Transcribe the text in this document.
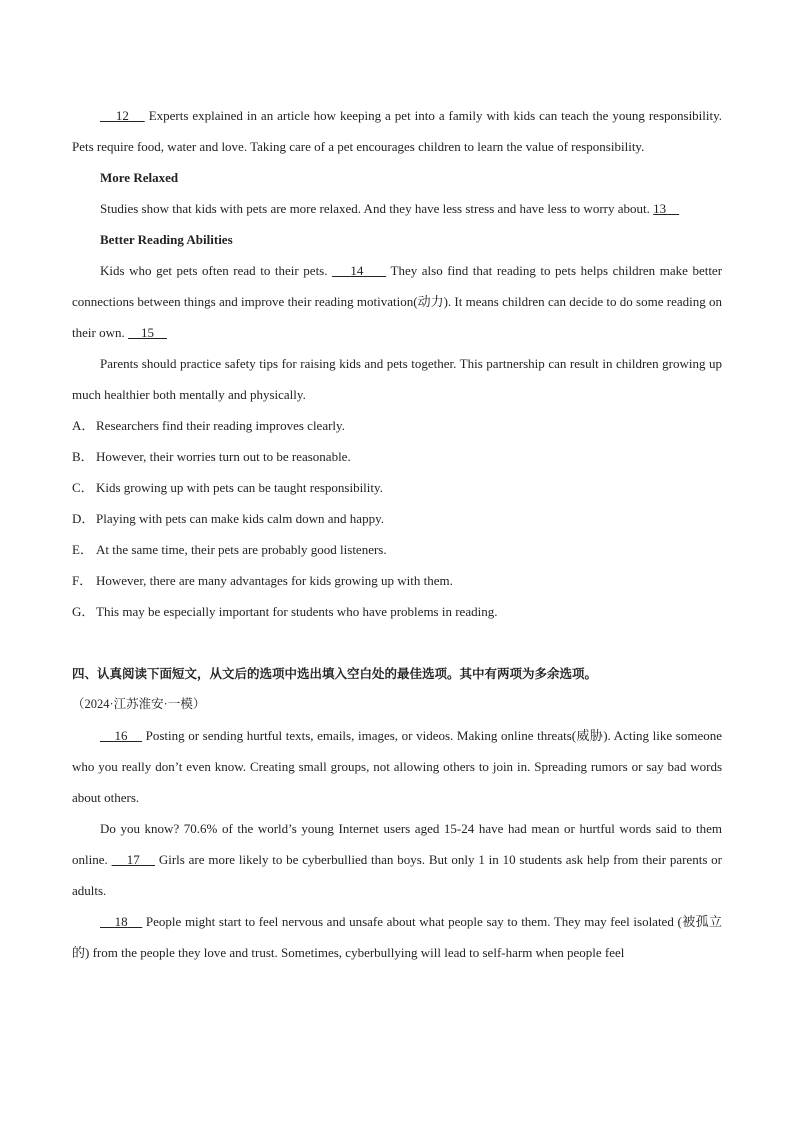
12 Experts explained in an article how keeping a pet into a family with kids can teach the young responsibility. Pets require food, water and love. Taking care of a pet encourages children to learn the value of responsibility.

More Relaxed

Studies show that kids with pets are more relaxed. And they have less stress and have less to worry about. 13

Better Reading Abilities

Kids who get pets often read to their pets. 14 They also find that reading to pets helps children make better connections between things and improve their reading motivation(动力). It means children can decide to do some reading on their own. 15

Parents should practice safety tips for raising kids and pets together. This partnership can result in children growing up much healthier both mentally and physically.

A． Researchers find their reading improves clearly.

B． However, their worries turn out to be reasonable.

C． Kids growing up with pets can be taught responsibility.

D． Playing with pets can make kids calm down and happy.

E． At the same time, their pets are probably good listeners.

F． However, there are many advantages for kids growing up with them.

G． This may be especially important for students who have problems in reading.

四、认真阅读下面短文，从文后的选项中选出填入空白处的最佳选项。其中有两项为多余选项。

（2024·江苏淮安·一模）

16 Posting or sending hurtful texts, emails, images, or videos. Making online threats(威胁). Acting like someone who you really don’t even know. Creating small groups, not allowing others to join in. Spreading rumors or say bad words about others.

Do you know? 70.6% of the world’s young Internet users aged 15-24 have had mean or hurtful words said to them online. 17 Girls are more likely to be cyberbullied than boys. But only 1 in 10 students ask help from their parents or adults.

18 People might start to feel nervous and unsafe about what people say to them. They may feel isolated (被孤立的) from the people they love and trust. Sometimes, cyberbullying will lead to self-harm when people feel
